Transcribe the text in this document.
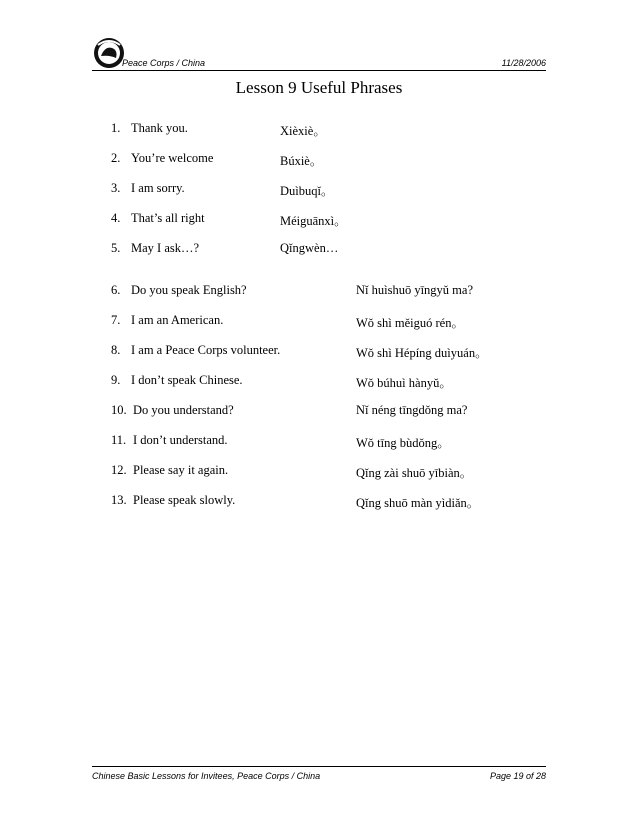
Peace Corps / China	11/28/2006
Lesson 9 Useful Phrases
1. Thank you.	Xièxiè。
2. You’re welcome	Búxiè。
3. I am sorry.	Duìbuqǐ。
4. That’s all right	Méiguānxì。
5. May I ask…?	Qǐngwèn…
6. Do you speak English?	Nǐ huìshuō yīngyǔ ma?
7. I am an American.	Wǒ shì měiguó rén。
8. I am a Peace Corps volunteer.	Wǒ shì Hépíng duìyuán。
9. I don’t speak Chinese.	Wǒ búhuì hànyǔ。
10. Do you understand?	Nǐ néng tīngdǒng ma?
11. I don’t understand.	Wǒ tīng bùdǒng。
12. Please say it again.	Qǐng zài shuō yībiàn。
13. Please speak slowly.	Qǐng shuō màn yìdiǎn。
Chinese Basic Lessons for Invitees, Peace Corps / China	Page 19 of 28
